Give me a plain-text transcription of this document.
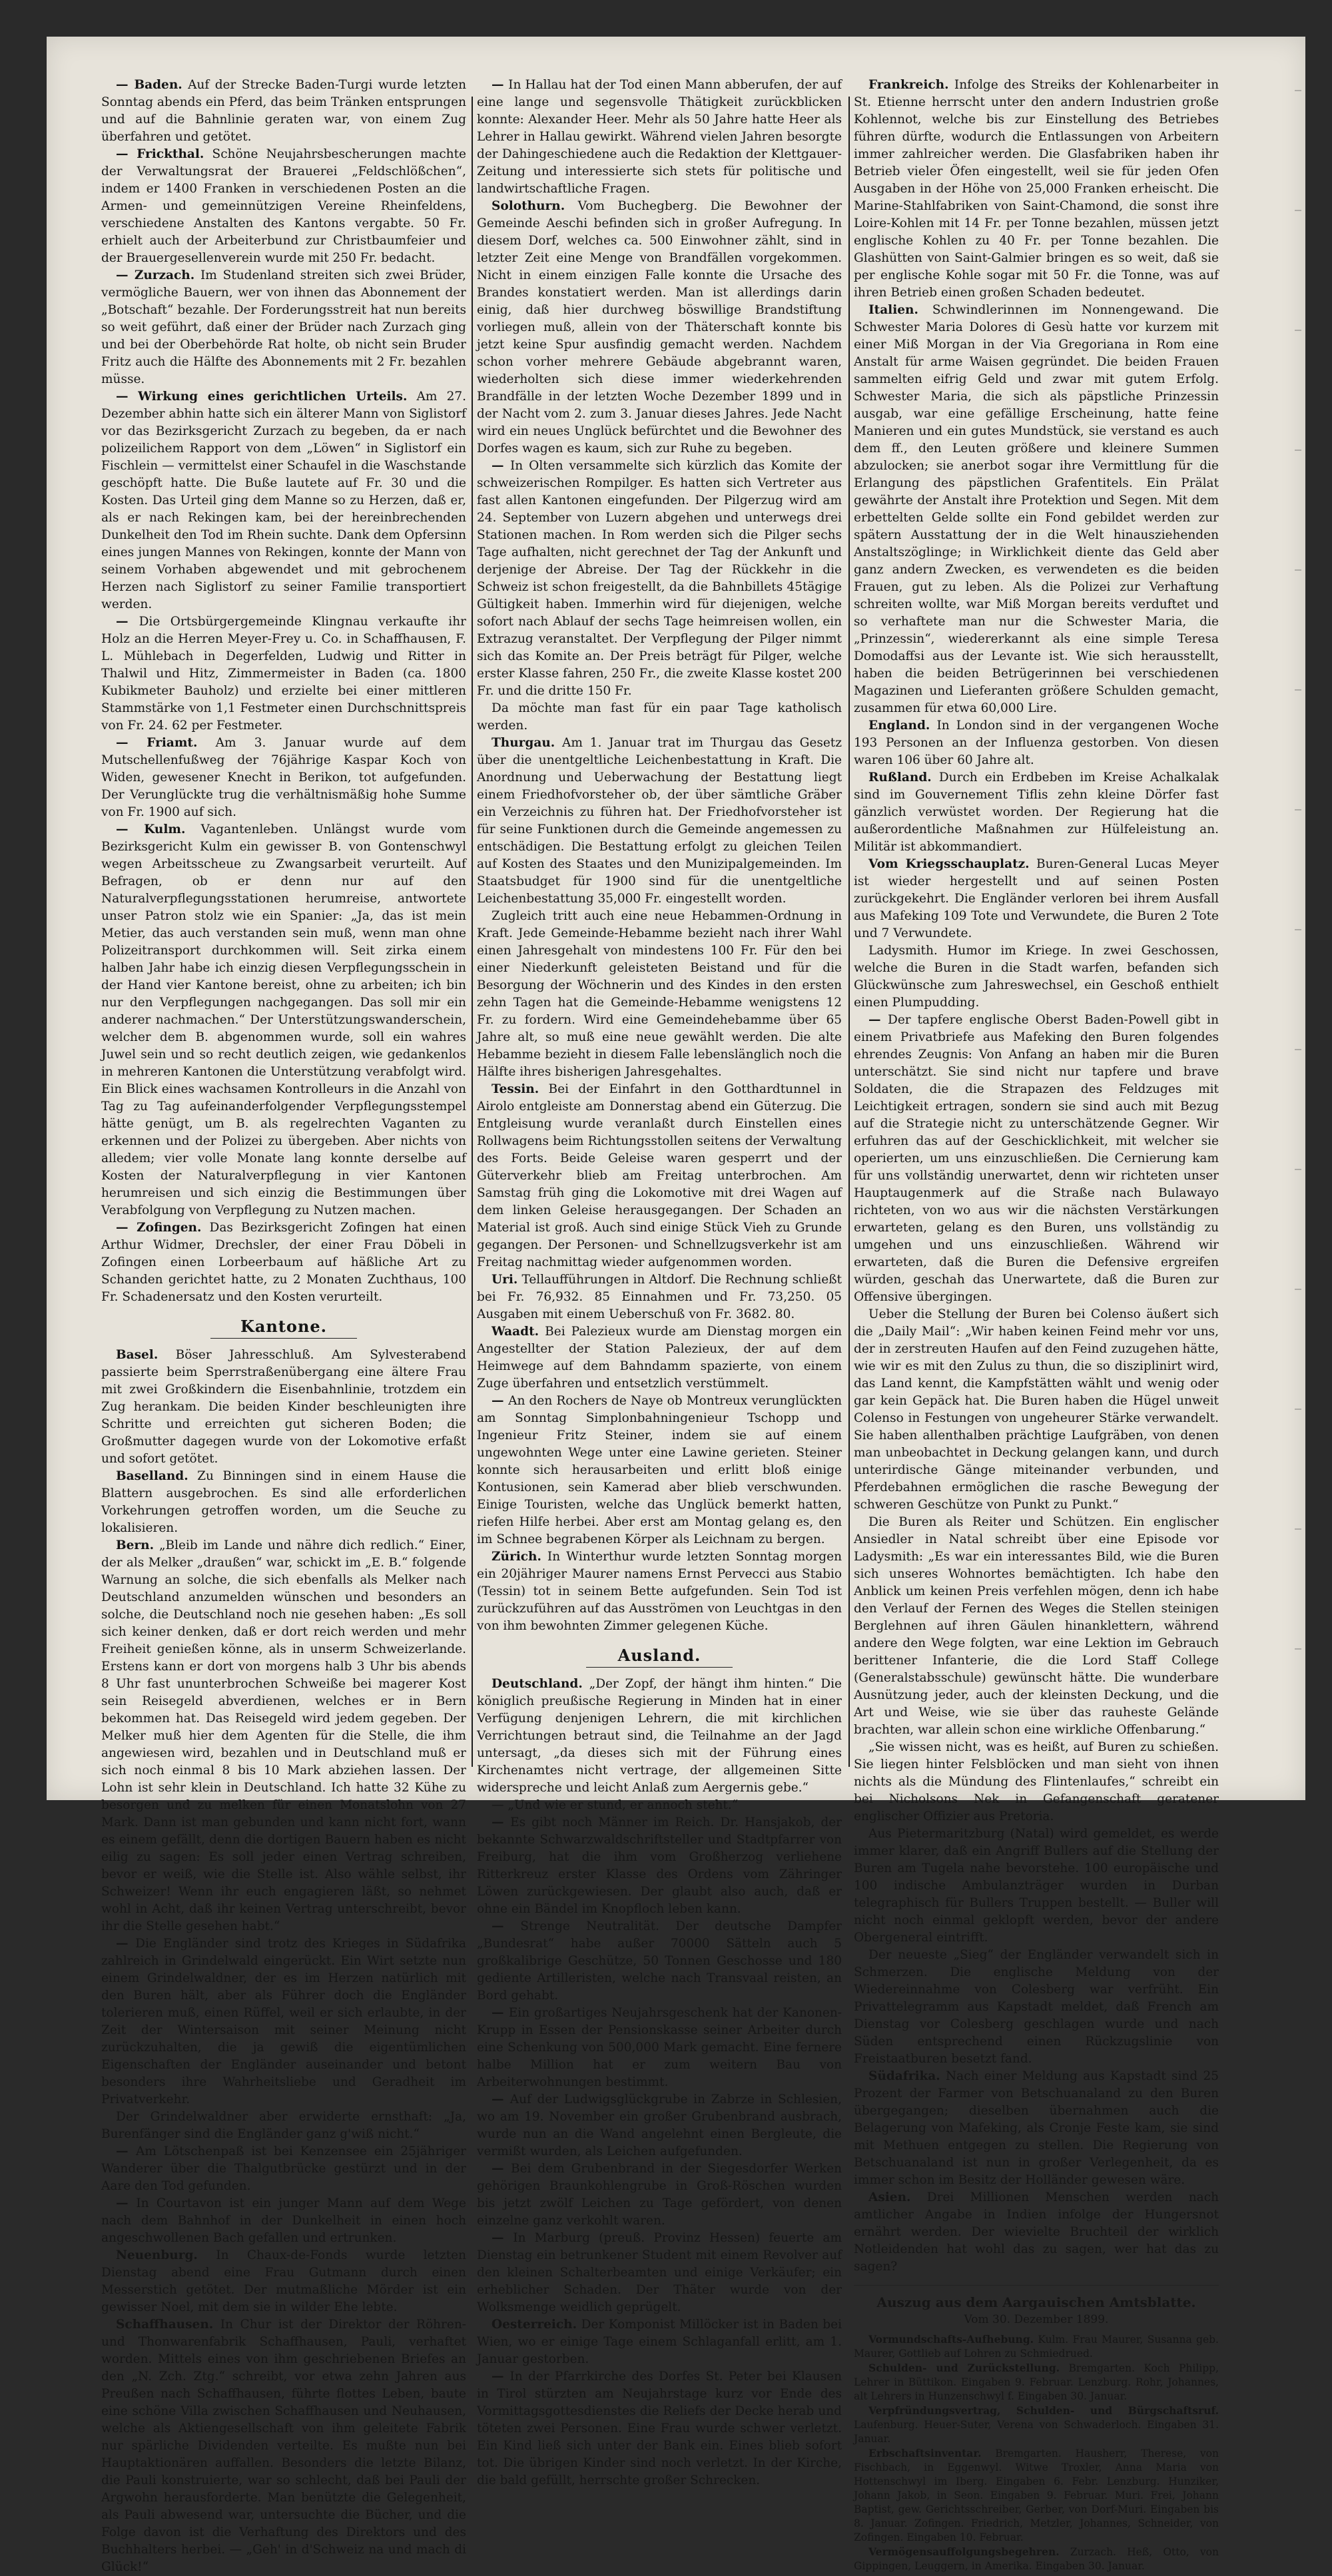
— Baden. Auf der Strecke Baden-Turgi wurde letzten Sonntag abends ein Pferd, das beim Tränken entsprungen und auf die Bahnlinie geraten war, von einem Zug überfahren und getötet.

— Frickthal. Schöne Neujahrsbescherungen machte der Verwaltungsrat der Brauerei „Feldschlößchen“, indem er 1400 Franken in verschiedenen Posten an die Armen- und gemeinnützigen Vereine Rheinfeldens, verschiedene Anstalten des Kantons vergabte. 50 Fr. erhielt auch der Arbeiterbund zur Christbaumfeier und der Brauergesellenverein wurde mit 250 Fr. bedacht.

— Zurzach. Im Studenland streiten sich zwei Brüder, vermögliche Bauern, wer von ihnen das Abonnement der „Botschaft“ bezahle. Der Forderungsstreit hat nun bereits so weit geführt, daß einer der Brüder nach Zurzach ging und bei der Oberbehörde Rat holte, ob nicht sein Bruder Fritz auch die Hälfte des Abonnements mit 2 Fr. bezahlen müsse.

— Wirkung eines gerichtlichen Urteils. Am 27. Dezember abhin hatte sich ein älterer Mann von Siglistorf vor das Bezirksgericht Zurzach zu begeben, da er nach polizeilichem Rapport von dem „Löwen“ in Siglistorf ein Fischlein — vermittelst einer Schaufel in die Waschstande geschöpft hatte. Die Buße lautete auf Fr. 30 und die Kosten. Das Urteil ging dem Manne so zu Herzen, daß er, als er nach Rekingen kam, bei der hereinbrechenden Dunkelheit den Tod im Rhein suchte. Dank dem Opfersinn eines jungen Mannes von Rekingen, konnte der Mann von seinem Vorhaben abgewendet und mit gebrochenem Herzen nach Siglistorf zu seiner Familie transportiert werden.

— Die Ortsbürgergemeinde Klingnau verkaufte ihr Holz an die Herren Meyer-Frey u. Co. in Schaffhausen, F. L. Mühlebach in Degerfelden, Ludwig und Ritter in Thalwil und Hitz, Zimmermeister in Baden (ca. 1800 Kubikmeter Bauholz) und erzielte bei einer mittleren Stammstärke von 1,1 Festmeter einen Durchschnittspreis von Fr. 24. 62 per Festmeter.

— Friamt. Am 3. Januar wurde auf dem Mutschellenfußweg der 76jährige Kaspar Koch von Widen, gewesener Knecht in Berikon, tot aufgefunden. Der Verunglückte trug die verhältnismäßig hohe Summe von Fr. 1900 auf sich.

— Kulm. Vagantenleben. Unlängst wurde vom Bezirksgericht Kulm ein gewisser B. von Gontenschwyl wegen Arbeitsscheue zu Zwangsarbeit verurteilt. Auf Befragen, ob er denn nur auf den Naturalverpflegungsstationen herumreise, antwortete unser Patron stolz wie ein Spanier: „Ja, das ist mein Metier, das auch verstanden sein muß, wenn man ohne Polizeitransport durchkommen will. Seit zirka einem halben Jahr habe ich einzig diesen Verpflegungsschein in der Hand vier Kantone bereist, ohne zu arbeiten; ich bin nur den Verpflegungen nachgegangen. Das soll mir ein anderer nachmachen.“ Der Unterstützungswanderschein, welcher dem B. abgenommen wurde, soll ein wahres Juwel sein und so recht deutlich zeigen, wie gedankenlos in mehreren Kantonen die Unterstützung verabfolgt wird. Ein Blick eines wachsamen Kontrolleurs in die Anzahl von Tag zu Tag aufeinanderfolgender Verpflegungsstempel hätte genügt, um B. als regelrechten Vaganten zu erkennen und der Polizei zu übergeben. Aber nichts von alledem; vier volle Monate lang konnte derselbe auf Kosten der Naturalverpflegung in vier Kantonen herumreisen und sich einzig die Bestimmungen über Verabfolgung von Verpflegung zu Nutzen machen.

— Zofingen. Das Bezirksgericht Zofingen hat einen Arthur Widmer, Drechsler, der einer Frau Döbeli in Zofingen einen Lorbeerbaum auf häßliche Art zu Schanden gerichtet hatte, zu 2 Monaten Zuchthaus, 100 Fr. Schadenersatz und den Kosten verurteilt.

Kantone.

Basel. Böser Jahresschluß. Am Sylvesterabend passierte beim Sperrstraßenübergang eine ältere Frau mit zwei Großkindern die Eisenbahnlinie, trotzdem ein Zug herankam. Die beiden Kinder beschleunigten ihre Schritte und erreichten gut sicheren Boden; die Großmutter dagegen wurde von der Lokomotive erfaßt und sofort getötet.

Baselland. Zu Binningen sind in einem Hause die Blattern ausgebrochen. Es sind alle erforderlichen Vorkehrungen getroffen worden, um die Seuche zu lokalisieren.

Bern. „Bleib im Lande und nähre dich redlich.“ Einer, der als Melker „draußen“ war, schickt im „E. B.“ folgende Warnung an solche, die sich ebenfalls als Melker nach Deutschland anzumelden wünschen und besonders an solche, die Deutschland noch nie gesehen haben: „Es soll sich keiner denken, daß er dort reich werden und mehr Freiheit genießen könne, als in unserm Schweizerlande. Erstens kann er dort von morgens halb 3 Uhr bis abends 8 Uhr fast ununterbrochen Schweiße bei magerer Kost sein Reisegeld abverdienen, welches er in Bern bekommen hat. Das Reisegeld wird jedem gegeben. Der Melker muß hier dem Agenten für die Stelle, die ihm angewiesen wird, bezahlen und in Deutschland muß er sich noch einmal 8 bis 10 Mark abziehen lassen. Der Lohn ist sehr klein in Deutschland. Ich hatte 32 Kühe zu besorgen und zu melken für einen Monatslohn von 27 Mark. Dann ist man gebunden und kann nicht fort, wann es einem gefällt, denn die dortigen Bauern haben es nicht eilig zu sagen: Es soll jeder einen Vertrag schreiben, bevor er weiß, wie die Stelle ist. Also wähle selbst, ihr Schweizer! Wenn ihr euch engagieren läßt, so nehmet wohl in Acht, daß ihr keinen Vertrag unterschreibt, bevor ihr die Stelle gesehen habt.“

— Die Engländer sind trotz des Krieges in Südafrika zahlreich in Grindelwald eingerückt. Ein Wirt setzte nun einem Grindelwaldner, der es im Herzen natürlich mit den Buren hält, aber als Führer doch die Engländer tolerieren muß, einen Rüffel, weil er sich erlaubte, in der Zeit der Wintersaison mit seiner Meinung nicht zurückzuhalten, die ja gewiß die eigentümlichen Eigenschaften der Engländer auseinander und betont besonders ihre Wahrheitsliebe und Geradheit im Privatverkehr.

Der Grindelwaldner aber erwiderte ernsthaft: „Ja, Burenfänger sind die Engländer ganz g'wiß nicht.“

— Am Lötschenpaß ist bei Kenzensee ein 25jähriger Wanderer über die Thalgutbrücke gestürzt und in der Aare den Tod gefunden.

— In Courtavon ist ein junger Mann auf dem Wege nach dem Bahnhof in der Dunkelheit in einen hoch angeschwollenen Bach gefallen und ertrunken.

Neuenburg. In Chaux-de-Fonds wurde letzten Dienstag abend eine Frau Gutmann durch einen Messerstich getötet. Der mutmaßliche Mörder ist ein gewisser Noel, mit dem sie in wilder Ehe lebte.

Schaffhausen. In Chur ist der Direktor der Röhren- und Thonwarenfabrik Schaffhausen, Pauli, verhaftet worden. Mittels eines von ihm geschriebenen Briefes an den „N. Zch. Ztg.“ schreibt, vor etwa zehn Jahren aus Preußen nach Schaffhausen, führte flottes Leben, baute eine schöne Villa zwischen Schaffhausen und Neuhausen, welche als Aktiengesellschaft von ihm geleitete Fabrik nur spärliche Dividenden verteilte. Es mußte nun bei Hauptaktionären auffallen. Besonders die letzte Bilanz, die Pauli konstruierte, war so schlecht, daß bei Pauli der Argwohn herausforderte. Man benützte die Gelegenheit, als Pauli abwesend war, untersuchte die Bücher, und die Folge davon ist die Verhaftung des Direktors und des Buchhalters herbei. — „Geh' in d'Schweiz na und mach di Glück!“

— In Hallau hat der Tod einen Mann abberufen, der auf eine lange und segensvolle Thätigkeit zurückblicken konnte: Alexander Heer. Mehr als 50 Jahre hatte Heer als Lehrer in Hallau gewirkt. Während vielen Jahren besorgte der Dahingeschiedene auch die Redaktion der Klettgauer-Zeitung und interessierte sich stets für politische und landwirtschaftliche Fragen.

Solothurn. Vom Buchegberg. Die Bewohner der Gemeinde Aeschi befinden sich in großer Aufregung. In diesem Dorf, welches ca. 500 Einwohner zählt, sind in letzter Zeit eine Menge von Brandfällen vorgekommen. Nicht in einem einzigen Falle konnte die Ursache des Brandes konstatiert werden. Man ist allerdings darin einig, daß hier durchweg böswillige Brandstiftung vorliegen muß, allein von der Thäterschaft konnte bis jetzt keine Spur ausfindig gemacht werden. Nachdem schon vorher mehrere Gebäude abgebrannt waren, wiederholten sich diese immer wiederkehrenden Brandfälle in der letzten Woche Dezember 1899 und in der Nacht vom 2. zum 3. Januar dieses Jahres. Jede Nacht wird ein neues Unglück befürchtet und die Bewohner des Dorfes wagen es kaum, sich zur Ruhe zu begeben.

— In Olten versammelte sich kürzlich das Komite der schweizerischen Rompilger. Es hatten sich Vertreter aus fast allen Kantonen eingefunden. Der Pilgerzug wird am 24. September von Luzern abgehen und unterwegs drei Stationen machen. In Rom werden sich die Pilger sechs Tage aufhalten, nicht gerechnet der Tag der Ankunft und derjenige der Abreise. Der Tag der Rückkehr in die Schweiz ist schon freigestellt, da die Bahnbillets 45tägige Gültigkeit haben. Immerhin wird für diejenigen, welche sofort nach Ablauf der sechs Tage heimreisen wollen, ein Extrazug veranstaltet. Der Verpflegung der Pilger nimmt sich das Komite an. Der Preis beträgt für Pilger, welche erster Klasse fahren, 250 Fr., die zweite Klasse kostet 200 Fr. und die dritte 150 Fr.

Da möchte man fast für ein paar Tage katholisch werden.

Thurgau. Am 1. Januar trat im Thurgau das Gesetz über die unentgeltliche Leichenbestattung in Kraft. Die Anordnung und Ueberwachung der Bestattung liegt einem Friedhofvorsteher ob, der über sämtliche Gräber ein Verzeichnis zu führen hat. Der Friedhofvorsteher ist für seine Funktionen durch die Gemeinde angemessen zu entschädigen. Die Bestattung erfolgt zu gleichen Teilen auf Kosten des Staates und den Munizipalgemeinden. Im Staatsbudget für 1900 sind für die unentgeltliche Leichenbestattung 35,000 Fr. eingestellt worden.

Zugleich tritt auch eine neue Hebammen-Ordnung in Kraft. Jede Gemeinde-Hebamme bezieht nach ihrer Wahl einen Jahresgehalt von mindestens 100 Fr. Für den bei einer Niederkunft geleisteten Beistand und für die Besorgung der Wöchnerin und des Kindes in den ersten zehn Tagen hat die Gemeinde-Hebamme wenigstens 12 Fr. zu fordern. Wird eine Gemeindehebamme über 65 Jahre alt, so muß eine neue gewählt werden. Die alte Hebamme bezieht in diesem Falle lebenslänglich noch die Hälfte ihres bisherigen Jahresgehaltes.

Tessin. Bei der Einfahrt in den Gotthardtunnel in Airolo entgleiste am Donnerstag abend ein Güterzug. Die Entgleisung wurde veranlaßt durch Einstellen eines Rollwagens beim Richtungsstollen seitens der Verwaltung des Forts. Beide Geleise waren gesperrt und der Güterverkehr blieb am Freitag unterbrochen. Am Samstag früh ging die Lokomotive mit drei Wagen auf dem linken Geleise herausgegangen. Der Schaden an Material ist groß. Auch sind einige Stück Vieh zu Grunde gegangen. Der Personen- und Schnellzugsverkehr ist am Freitag nachmittag wieder aufgenommen worden.

Uri. Tellaufführungen in Altdorf. Die Rechnung schließt bei Fr. 76,932. 85 Einnahmen und Fr. 73,250. 05 Ausgaben mit einem Ueberschuß von Fr. 3682. 80.

Waadt. Bei Palezieux wurde am Dienstag morgen ein Angestellter der Station Palezieux, der auf dem Heimwege auf dem Bahndamm spazierte, von einem Zuge überfahren und entsetzlich verstümmelt.

— An den Rochers de Naye ob Montreux verunglückten am Sonntag Simplonbahningenieur Tschopp und Ingenieur Fritz Steiner, indem sie auf einem ungewohnten Wege unter eine Lawine gerieten. Steiner konnte sich herausarbeiten und erlitt bloß einige Kontusionen, sein Kamerad aber blieb verschwunden. Einige Touristen, welche das Unglück bemerkt hatten, riefen Hilfe herbei. Aber erst am Montag gelang es, den im Schnee begrabenen Körper als Leichnam zu bergen.

Zürich. In Winterthur wurde letzten Sonntag morgen ein 20jähriger Maurer namens Ernst Pervecci aus Stabio (Tessin) tot in seinem Bette aufgefunden. Sein Tod ist zurückzuführen auf das Ausströmen von Leuchtgas in den von ihm bewohnten Zimmer gelegenen Küche.

Ausland.

Deutschland. „Der Zopf, der hängt ihm hinten.“ Die königlich preußische Regierung in Minden hat in einer Verfügung denjenigen Lehrern, die mit kirchlichen Verrichtungen betraut sind, die Teilnahme an der Jagd untersagt, „da dieses sich mit der Führung eines Kirchenamtes nicht vertrage, der allgemeinen Sitte widerspreche und leicht Anlaß zum Aergernis gebe.“

— „Und wie er stund, er annoch steht.“

— Es gibt noch Männer im Reich. Dr. Hansjakob, der bekannte Schwarzwaldschriftsteller und Stadtpfarrer von Freiburg, hat die ihm vom Großherzog verliehene Ritterkreuz erster Klasse des Ordens vom Zähringer Löwen zurückgewiesen. Der glaubt also auch, daß er ohne ein Bändel im Knopfloch leben kann.

— Strenge Neutralität. Der deutsche Dampfer „Bundesrat“ habe außer 70000 Sätteln auch 5 großkalibrige Geschütze, 50 Tonnen Geschosse und 180 gediente Artilleristen, welche nach Transvaal reisten, an Bord gehabt.

— Ein großartiges Neujahrsgeschenk hat der Kanonen-Krupp in Essen der Pensionskasse seiner Arbeiter durch eine Schenkung von 500,000 Mark gemacht. Eine fernere halbe Million hat er zum weitern Bau von Arbeiterwohnungen bestimmt.

— Auf der Ludwigsglückgrube in Zabrze in Schlesien, wo am 19. November ein großer Grubenbrand ausbrach, wurde nun an die Wand angelehnt einen Bergleute, die vermißt wurden, als Leichen aufgefunden.

— Bei dem Grubenbrand in der Siegesdorfer Werken gehörigen Braunkohlengrube in Groß-Röschen wurden bis jetzt zwölf Leichen zu Tage gefördert, von denen einzelne ganz verkohlt waren.

— In Marburg (preuß. Provinz Hessen) feuerte am Dienstag ein betrunkener Student mit einem Revolver auf den kleinen Schalterbeamten und einige Verkäufer; ein erheblicher Schaden. Der Thäter wurde von der Wolksmenge weidlich geprügelt.

Oesterreich. Der Komponist Millöcker ist in Baden bei Wien, wo er einige Tage einem Schlaganfall erlitt, am 1. Januar gestorben.

— In der Pfarrkirche des Dorfes St. Peter bei Klausen in Tirol stürzten am Neujahrstage kurz vor Ende des Vormittagsgottesdienstes die Reliefs der Decke herab und töteten zwei Personen. Eine Frau wurde schwer verletzt. Ein Kind ließ sich unter der Bank ein. Eines blieb sofort tot. Die übrigen Kinder sind noch verletzt. In der Kirche, die bald gefüllt, herrschte großer Schrecken.

Frankreich. Infolge des Streiks der Kohlenarbeiter in St. Etienne herrscht unter den andern Industrien große Kohlennot, welche bis zur Einstellung des Betriebes führen dürfte, wodurch die Entlassungen von Arbeitern immer zahlreicher werden. Die Glasfabriken haben ihr Betrieb vieler Öfen eingestellt, weil sie für jeden Ofen Ausgaben in der Höhe von 25,000 Franken erheischt. Die Marine-Stahlfabriken von Saint-Chamond, die sonst ihre Loire-Kohlen mit 14 Fr. per Tonne bezahlen, müssen jetzt englische Kohlen zu 40 Fr. per Tonne bezahlen. Die Glashütten von Saint-Galmier bringen es so weit, daß sie per englische Kohle sogar mit 50 Fr. die Tonne, was auf ihren Betrieb einen großen Schaden bedeutet.

Italien. Schwindlerinnen im Nonnengewand. Die Schwester Maria Dolores di Gesù hatte vor kurzem mit einer Miß Morgan in der Via Gregoriana in Rom eine Anstalt für arme Waisen gegründet. Die beiden Frauen sammelten eifrig Geld und zwar mit gutem Erfolg. Schwester Maria, die sich als päpstliche Prinzessin ausgab, war eine gefällige Erscheinung, hatte feine Manieren und ein gutes Mundstück, sie verstand es auch dem ff., den Leuten größere und kleinere Summen abzulocken; sie anerbot sogar ihre Vermittlung für die Erlangung des päpstlichen Grafentitels. Ein Prälat gewährte der Anstalt ihre Protektion und Segen. Mit dem erbettelten Gelde sollte ein Fond gebildet werden zur spätern Ausstattung der in die Welt hinausziehenden Anstaltszöglinge; in Wirklichkeit diente das Geld aber ganz andern Zwecken, es verwendeten es die beiden Frauen, gut zu leben. Als die Polizei zur Verhaftung schreiten wollte, war Miß Morgan bereits verduftet und so verhaftete man nur die Schwester Maria, die „Prinzessin“, wiedererkannt als eine simple Teresa Domodaffsi aus der Levante ist. Wie sich herausstellt, haben die beiden Betrügerinnen bei verschiedenen Magazinen und Lieferanten größere Schulden gemacht, zusammen für etwa 60,000 Lire.

England. In London sind in der vergangenen Woche 193 Personen an der Influenza gestorben. Von diesen waren 106 über 60 Jahre alt.

Rußland. Durch ein Erdbeben im Kreise Achalkalak sind im Gouvernement Tiflis zehn kleine Dörfer fast gänzlich verwüstet worden. Der Regierung hat die außerordentliche Maßnahmen zur Hülfeleistung an. Militär ist abkommandiert.

Vom Kriegsschauplatz. Buren-General Lucas Meyer ist wieder hergestellt und auf seinen Posten zurückgekehrt. Die Engländer verloren bei ihrem Ausfall aus Mafeking 109 Tote und Verwundete, die Buren 2 Tote und 7 Verwundete.

Ladysmith. Humor im Kriege. In zwei Geschossen, welche die Buren in die Stadt warfen, befanden sich Glückwünsche zum Jahreswechsel, ein Geschoß enthielt einen Plumpudding.

— Der tapfere englische Oberst Baden-Powell gibt in einem Privatbriefe aus Mafeking den Buren folgendes ehrendes Zeugnis: Von Anfang an haben mir die Buren unterschätzt. Sie sind nicht nur tapfere und brave Soldaten, die die Strapazen des Feldzuges mit Leichtigkeit ertragen, sondern sie sind auch mit Bezug auf die Strategie nicht zu unterschätzende Gegner. Wir erfuhren das auf der Geschicklichkeit, mit welcher sie operierten, um uns einzuschließen. Die Cernierung kam für uns vollständig unerwartet, denn wir richteten unser Hauptaugenmerk auf die Straße nach Bulawayo richteten, von wo aus wir die nächsten Verstärkungen erwarteten, gelang es den Buren, uns vollständig zu umgehen und uns einzuschließen. Während wir erwarteten, daß die Buren die Defensive ergreifen würden, geschah das Unerwartete, daß die Buren zur Offensive übergingen.

Ueber die Stellung der Buren bei Colenso äußert sich die „Daily Mail“: „Wir haben keinen Feind mehr vor uns, der in zerstreuten Haufen auf den Feind zuzugehen hätte, wie wir es mit den Zulus zu thun, die so disziplinirt wird, das Land kennt, die Kampfstätten wählt und wenig oder gar kein Gepäck hat. Die Buren haben die Hügel unweit Colenso in Festungen von ungeheurer Stärke verwandelt. Sie haben allenthalben prächtige Laufgräben, von denen man unbeobachtet in Deckung gelangen kann, und durch unterirdische Gänge miteinander verbunden, und Pferdebahnen ermöglichen die rasche Bewegung der schweren Geschütze von Punkt zu Punkt.“

Die Buren als Reiter und Schützen. Ein englischer Ansiedler in Natal schreibt über eine Episode vor Ladysmith: „Es war ein interessantes Bild, wie die Buren sich unseres Wohnortes bemächtigten. Ich habe den Anblick um keinen Preis verfehlen mögen, denn ich habe den Verlauf der Fernen des Weges die Stellen steinigen Berglehnen auf ihren Gäulen hinanklettern, während andere den Wege folgten, war eine Lektion im Gebrauch berittener Infanterie, die die Lord Staff College (Generalstabsschule) gewünscht hätte. Die wunderbare Ausnützung jeder, auch der kleinsten Deckung, und die Art und Weise, wie sie über das rauheste Gelände brachten, war allein schon eine wirkliche Offenbarung.“

„Sie wissen nicht, was es heißt, auf Buren zu schießen. Sie liegen hinter Felsblöcken und man sieht von ihnen nichts als die Mündung des Flintenlaufes,“ schreibt ein bei Nicholsons Nek in Gefangenschaft geratener englischer Offizier aus Pretoria.

Aus Pietermaritzburg (Natal) wird gemeldet, es werde immer klarer, daß ein Angriff Bullers auf die Stellung der Buren am Tugela nahe bevorstehe. 100 europäische und 100 indische Ambulanzträger wurden in Durban telegraphisch für Bullers Truppen bestellt. — Buller will nicht noch einmal geklopft werden, bevor der andere Obergeneral eintrifft.

Der neueste „Sieg“ der Engländer verwandelt sich in Schmerzen. Die englische Meldung von der Wiedereinnahme von Colesberg war verfrüht. Ein Privattelegramm aus Kapstadt meldet, daß French am Dienstag vor Colesberg geschlagen wurde und nach Süden entsprechend einen Rückzugslinie von Freistaatburen besetzt fand.

Südafrika. Nach einer Meldung aus Kapstadt sind 25 Prozent der Farmer von Betschuanaland zu den Buren übergegangen; dieselben übernahmen auch die Belagerung von Mafeking, als Cronje Feste kam, sie sind mit Methuen entgegen zu stellen. Die Regierung von Betschuanaland ist nun in großer Verlegenheit, da es immer schon im Besitz der Holländer gewesen wäre.

Asien. Drei Millionen Menschen werden nach amtlicher Angabe in Indien infolge der Hungersnot ernährt werden. Der wievielte Bruchteil der wirklich Notleidenden hat wohl das zu sagen, wer hat das zu sagen?

Auszug aus dem Aargauischen Amtsblatte.
Vom 30. Dezember 1899.

Vormundschafts-Aufhebung. Kulm. Frau Maurer, Susanna geb. Maurer, Gottlieb auf Lohren zu Schmiedrued.

Schulden- und Zurückstellung. Bremgarten. Koch Philipp, Lehrer in Büttikon. Eingaben 9. Februar. Lenzburg. Rohr, Johannes, alt Lehrers in Hunzenschwyl f. Eingaben 30. Januar.

Verpfründungsvertrag, Schulden- und Bürgschaftsruf. Laufenburg. Heuer-Suter, Verena von Schwaderloch. Eingaben 31. Januar.

Erbschaftsinventar. Bremgarten. Hausherr, Therese, von Fischbach, in Eggenwyl. Witwe Troxler, Anna Maria von Hottenschwyl im Iberg. Eingaben 6. Febr. Lenzburg. Hunziker, Johann Jakob, in Seon. Eingaben 9. Februar. Muri. Frei, Johann Baptist, gew. Gerichtsschreiber, Gerber, von Dorf-Muri. Eingaben bis 8. Januar. Zofingen. Friedrich, Metzler, Johannes, Schneider, von Zofingen. Eingaben 10. Februar.

Vermögensauffolgungsbegehren. Zurzach. Heß, Otto, von Gippingen, Leuggern, in Amerika. Eingaben 30. Januar.
